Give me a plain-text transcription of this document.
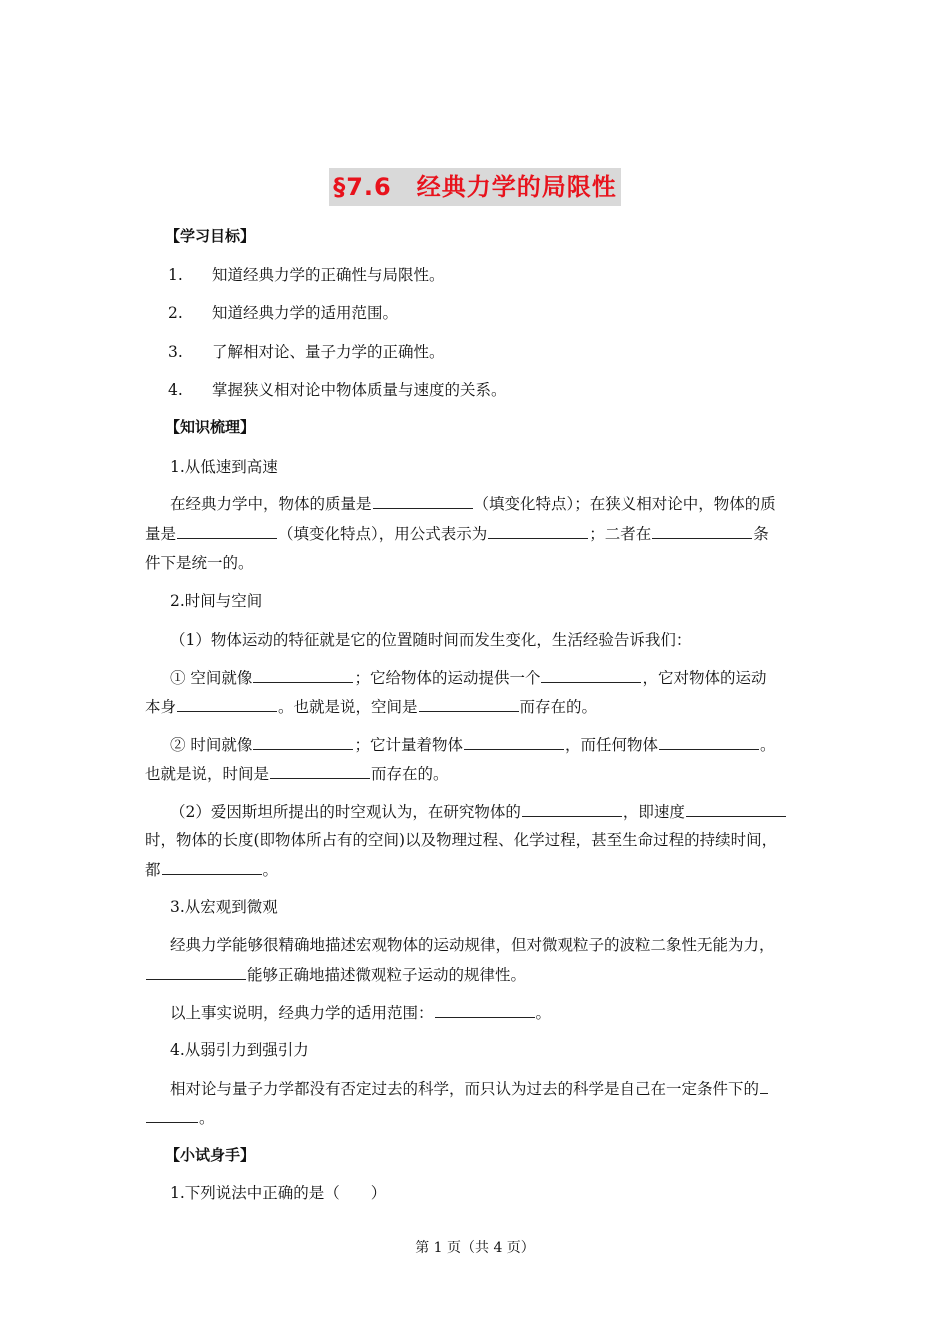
§7.6　经典力学的局限性
【学习目标】
1. 知道经典力学的正确性与局限性。
2. 知道经典力学的适用范围。
3. 了解相对论、量子力学的正确性。
4. 掌握狭义相对论中物体质量与速度的关系。
【知识梳理】
1.从低速到高速
在经典力学中，物体的质量是	（填变化特点）；在狭义相对论中，物体的质
量是	（填变化特点），用公式表示为	；二者在	条
件下是统一的。
2.时间与空间
（1）物体运动的特征就是它的位置随时间而发生变化，生活经验告诉我们：
① 空间就像	；它给物体的运动提供一个	，它对物体的运动
本身	。也就是说，空间是	而存在的。
② 时间就像	；它计量着物体	，而任何物体	。
也就是说，时间是	而存在的。
（2）爱因斯坦所提出的时空观认为，在研究物体的	，即速度
时，物体的长度(即物体所占有的空间)以及物理过程、化学过程，甚至生命过程的持续时间，
都	。
3.从宏观到微观
经典力学能够很精确地描述宏观物体的运动规律，但对微观粒子的波粒二象性无能为力，
能够正确地描述微观粒子运动的规律性。
以上事实说明，经典力学的适用范围：	。
4.从弱引力到强引力
相对论与量子力学都没有否定过去的科学，而只认为过去的科学是自己在一定条件下的
。
【小试身手】
1.下列说法中正确的是（　　）
第 1 页（共 4 页）
